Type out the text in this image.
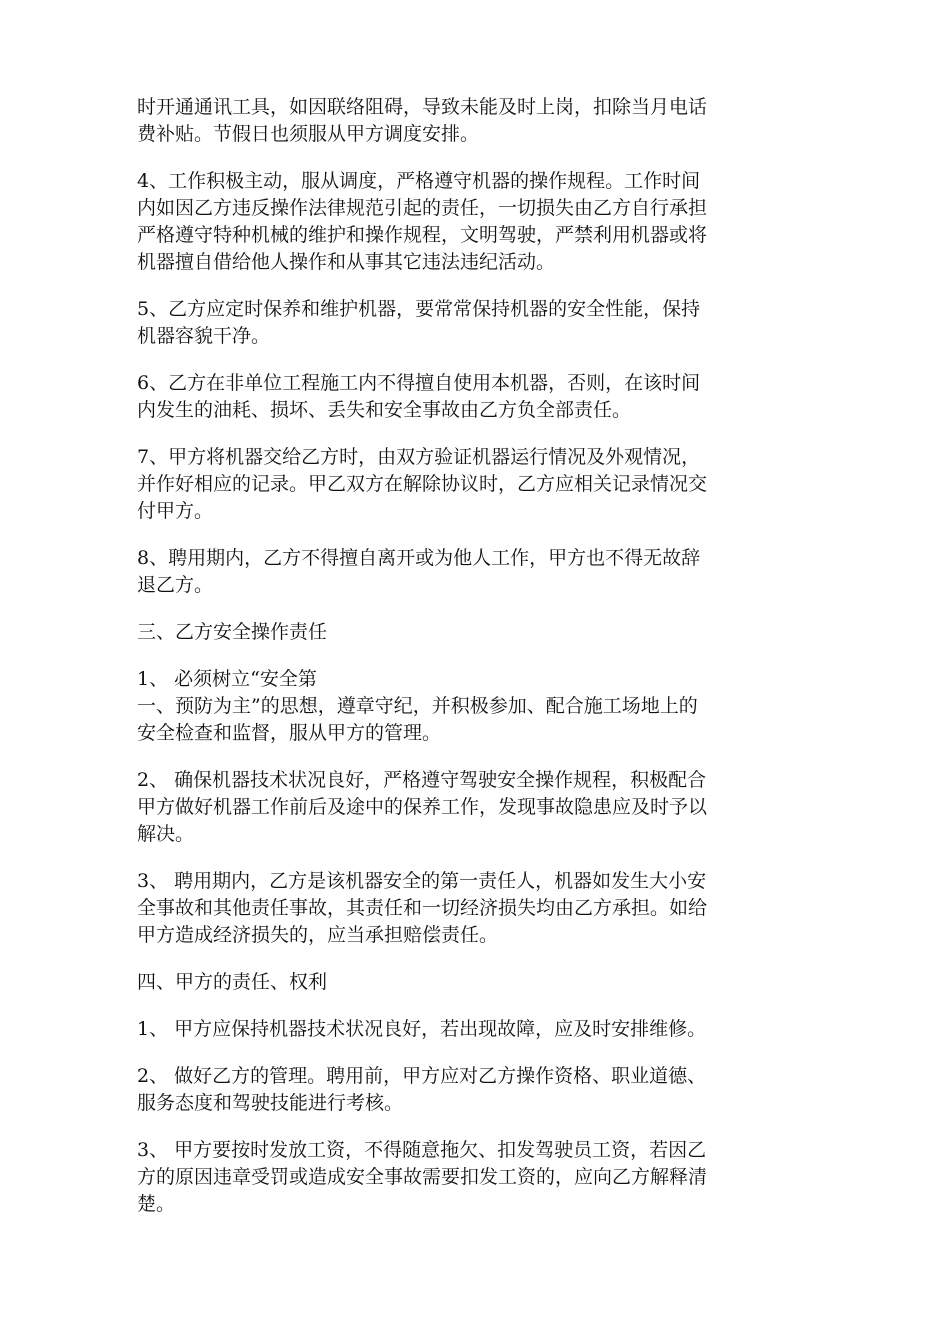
时开通通讯工具，如因联络阻碍，导致未能及时上岗，扣除当月电话
费补贴。节假日也须服从甲方调度安排。

4、工作积极主动，服从调度，严格遵守机器的操作规程。工作时间
内如因乙方违反操作法律规范引起的责任，一切损失由乙方自行承担
严格遵守特种机械的维护和操作规程，文明驾驶，严禁利用机器或将
机器擅自借给他人操作和从事其它违法违纪活动。

5、乙方应定时保养和维护机器，要常常保持机器的安全性能，保持
机器容貌干净。

6、乙方在非单位工程施工内不得擅自使用本机器，否则，在该时间
内发生的油耗、损坏、丢失和安全事故由乙方负全部责任。

7、甲方将机器交给乙方时，由双方验证机器运行情况及外观情况，
并作好相应的记录。甲乙双方在解除协议时，乙方应相关记录情况交
付甲方。

8、聘用期内，乙方不得擅自离开或为他人工作，甲方也不得无故辞
退乙方。

三、乙方安全操作责任

1、 必须树立“安全第
一、预防为主”的思想，遵章守纪，并积极参加、配合施工场地上的
安全检查和监督，服从甲方的管理。

2、 确保机器技术状况良好，严格遵守驾驶安全操作规程，积极配合
甲方做好机器工作前后及途中的保养工作，发现事故隐患应及时予以
解决。

3、 聘用期内，乙方是该机器安全的第一责任人，机器如发生大小安
全事故和其他责任事故，其责任和一切经济损失均由乙方承担。如给
甲方造成经济损失的，应当承担赔偿责任。

四、甲方的责任、权利

1、 甲方应保持机器技术状况良好，若出现故障，应及时安排维修。

2、 做好乙方的管理。聘用前，甲方应对乙方操作资格、职业道德、
服务态度和驾驶技能进行考核。

3、 甲方要按时发放工资，不得随意拖欠、扣发驾驶员工资，若因乙
方的原因违章受罚或造成安全事故需要扣发工资的，应向乙方解释清
楚。
